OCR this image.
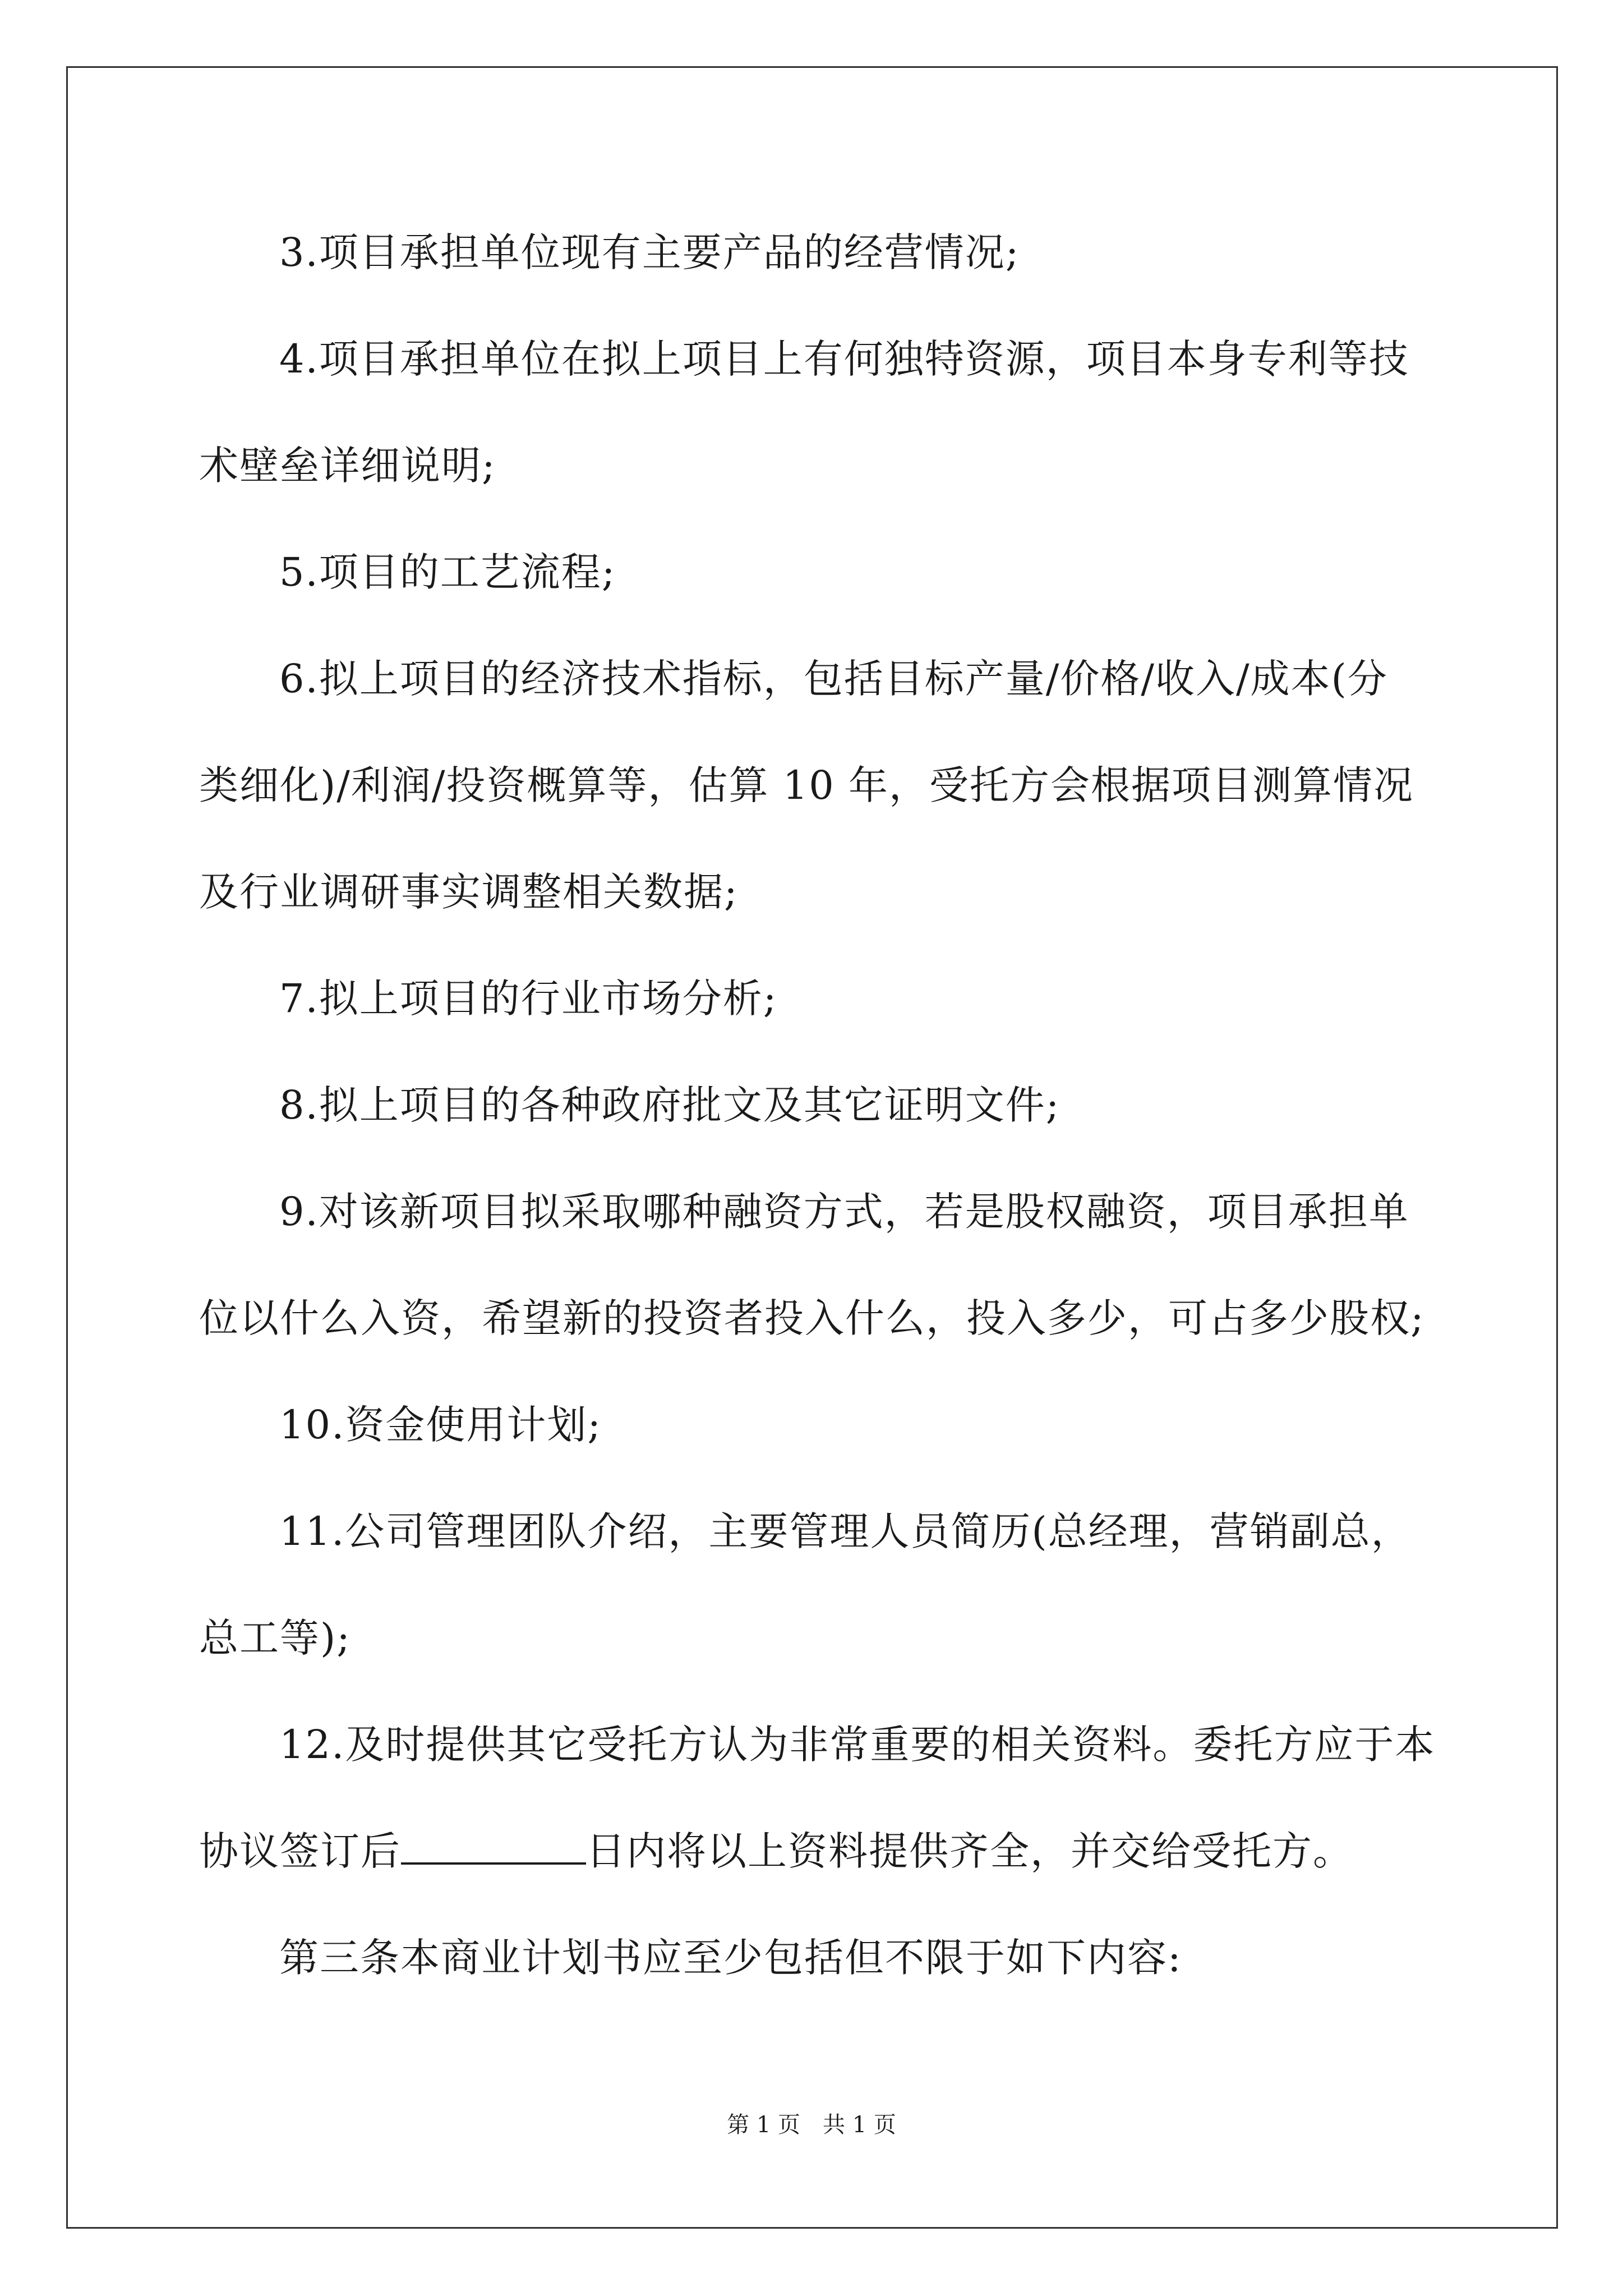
3.项目承担单位现有主要产品的经营情况;
4.项目承担单位在拟上项目上有何独特资源，项目本身专利等技
术壁垒详细说明;
5.项目的工艺流程;
6.拟上项目的经济技术指标，包括目标产量/价格/收入/成本(分
类细化)/利润/投资概算等，估算 10 年，受托方会根据项目测算情况
及行业调研事实调整相关数据;
7.拟上项目的行业市场分析;
8.拟上项目的各种政府批文及其它证明文件;
9.对该新项目拟采取哪种融资方式，若是股权融资，项目承担单
位以什么入资，希望新的投资者投入什么，投入多少，可占多少股权;
10.资金使用计划;
11.公司管理团队介绍，主要管理人员简历(总经理，营销副总，
总工等);
12.及时提供其它受托方认为非常重要的相关资料。委托方应于本
协议签订后	日内将以上资料提供齐全，并交给受托方。
第三条本商业计划书应至少包括但不限于如下内容:
第 1 页 共 1 页
